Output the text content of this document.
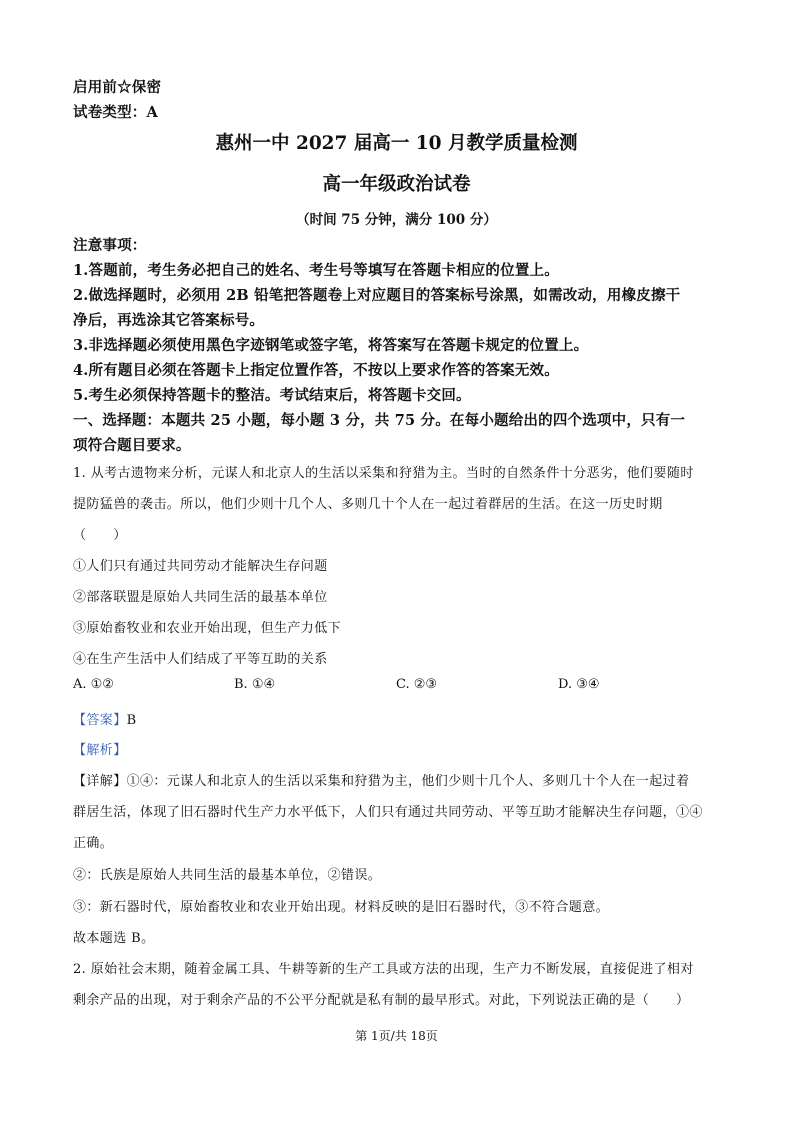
启用前☆保密
试卷类型：A
惠州一中 2027 届高一 10 月教学质量检测
高一年级政治试卷
（时间 75 分钟，满分 100 分）
注意事项：
1.答题前，考生务必把自己的姓名、考生号等填写在答题卡相应的位置上。
2.做选择题时，必须用 2B 铅笔把答题卷上对应题目的答案标号涂黑，如需改动，用橡皮擦干
净后，再选涂其它答案标号。
3.非选择题必须使用黑色字迹钢笔或签字笔，将答案写在答题卡规定的位置上。
4.所有题目必须在答题卡上指定位置作答，不按以上要求作答的答案无效。
5.考生必须保持答题卡的整洁。考试结束后，将答题卡交回。
一、选择题：本题共 25 小题，每小题 3 分，共 75 分。在每小题给出的四个选项中，只有一
项符合题目要求。
1. 从考古遗物来分析，元谋人和北京人的生活以采集和狩猎为主。当时的自然条件十分恶劣，他们要随时
提防猛兽的袭击。所以，他们少则十几个人、多则几十个人在一起过着群居的生活。在这一历史时期
（　　）
①人们只有通过共同劳动才能解决生存问题
②部落联盟是原始人共同生活的最基本单位
③原始畜牧业和农业开始出现，但生产力低下
④在生产生活中人们结成了平等互助的关系
A. ①②	B. ①④	C. ②③	D. ③④
【答案】B
【解析】
【详解】①④：元谋人和北京人的生活以采集和狩猎为主，他们少则十几个人、多则几十个人在一起过着
群居生活，体现了旧石器时代生产力水平低下，人们只有通过共同劳动、平等互助才能解决生存问题，①④
正确。
②：氏族是原始人共同生活的最基本单位，②错误。
③：新石器时代，原始畜牧业和农业开始出现。材料反映的是旧石器时代，③不符合题意。
故本题选 B。
2. 原始社会末期，随着金属工具、牛耕等新的生产工具或方法的出现，生产力不断发展，直接促进了相对
剩余产品的出现，对于剩余产品的不公平分配就是私有制的最早形式。对此，下列说法正确的是（　　）
第 1页/共 18页
